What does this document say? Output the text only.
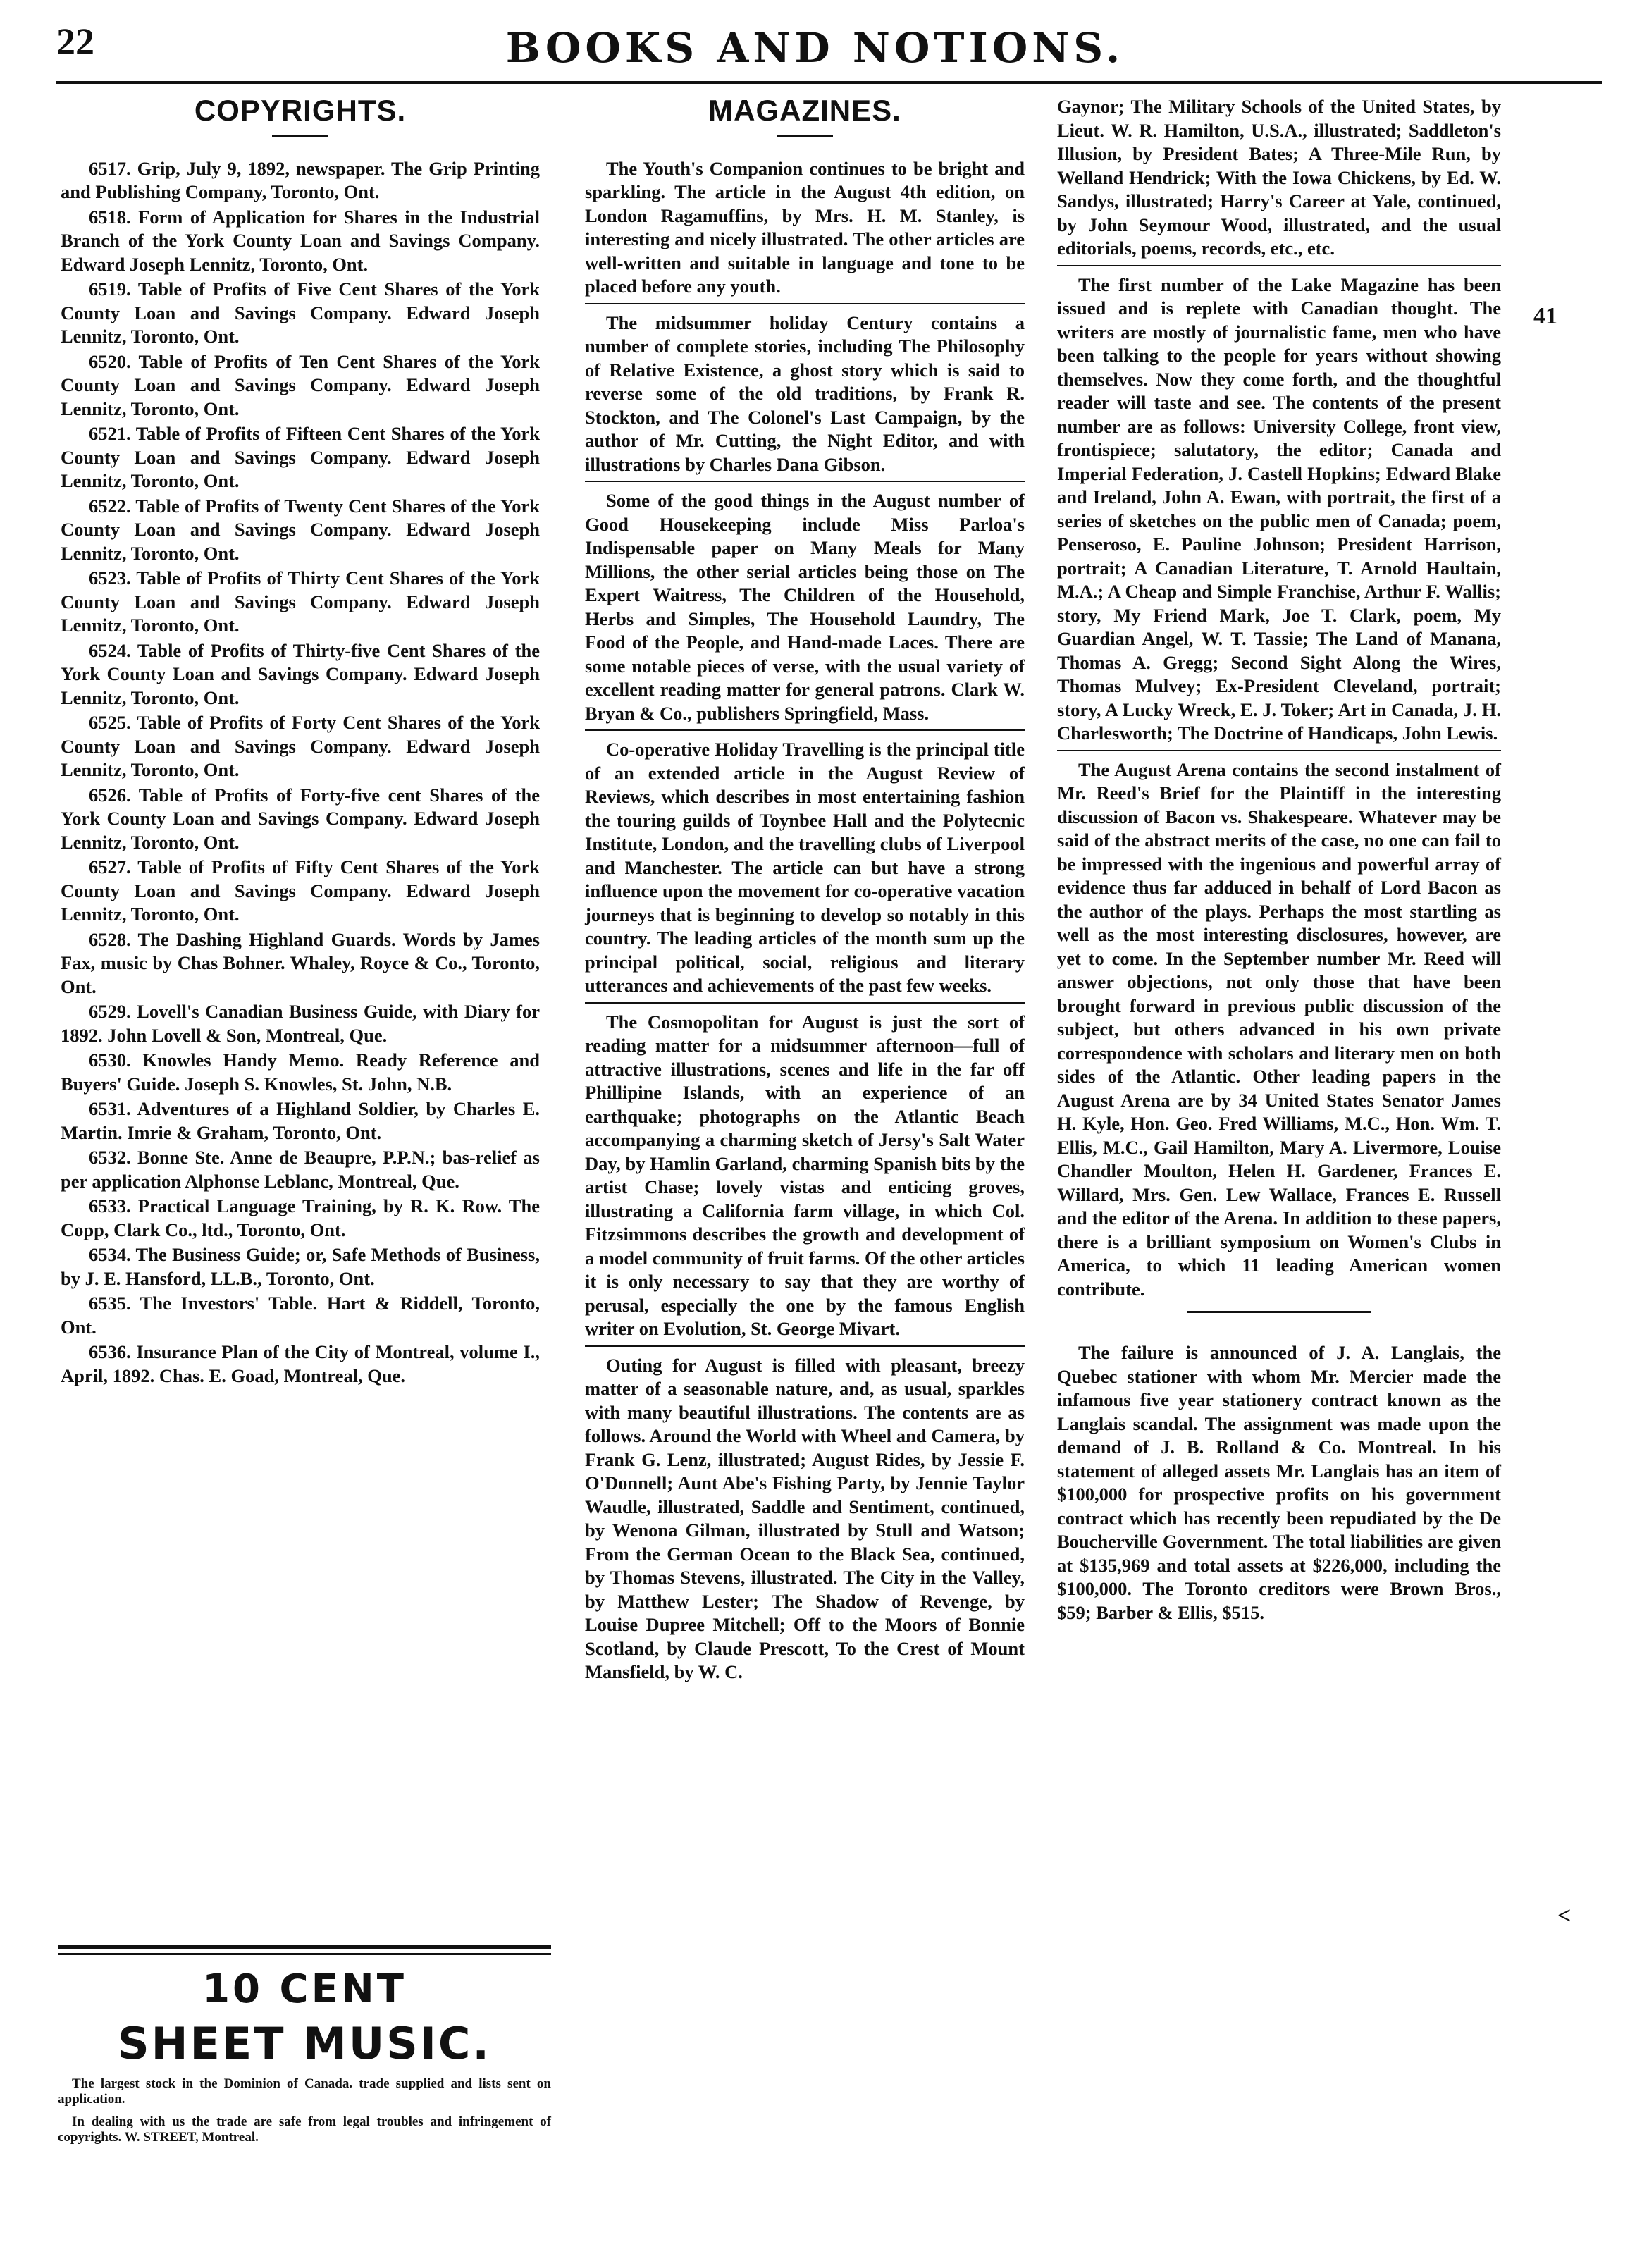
22	BOOKS AND NOTIONS.
COPYRIGHTS.

6517. Grip, July 9, 1892, newspaper. The Grip Printing and Publishing Company, Toronto, Ont.

6518. Form of Application for Shares in the Industrial Branch of the York County Loan and Savings Company. Edward Joseph Lennitz, Toronto, Ont.

6519. Table of Profits of Five Cent Shares of the York County Loan and Savings Company. Edward Joseph Lennitz, Toronto, Ont.

6520. Table of Profits of Ten Cent Shares of the York County Loan and Savings Company. Edward Joseph Lennitz, Toronto, Ont.

6521. Table of Profits of Fifteen Cent Shares of the York County Loan and Savings Company. Edward Joseph Lennitz, Toronto, Ont.

6522. Table of Profits of Twenty Cent Shares of the York County Loan and Savings Company. Edward Joseph Lennitz, Toronto, Ont.

6523. Table of Profits of Thirty Cent Shares of the York County Loan and Savings Company. Edward Joseph Lennitz, Toronto, Ont.

6524. Table of Profits of Thirty-five Cent Shares of the York County Loan and Savings Company. Edward Joseph Lennitz, Toronto, Ont.

6525. Table of Profits of Forty Cent Shares of the York County Loan and Savings Company. Edward Joseph Lennitz, Toronto, Ont.

6526. Table of Profits of Forty-five cent Shares of the York County Loan and Savings Company. Edward Joseph Lennitz, Toronto, Ont.

6527. Table of Profits of Fifty Cent Shares of the York County Loan and Savings Company. Edward Joseph Lennitz, Toronto, Ont.

6528. The Dashing Highland Guards. Words by James Fax, music by Chas Bohner. Whaley, Royce & Co., Toronto, Ont.

6529. Lovell's Canadian Business Guide, with Diary for 1892. John Lovell & Son, Montreal, Que.

6530. Knowles Handy Memo. Ready Reference and Buyers' Guide. Joseph S. Knowles, St. John, N.B.

6531. Adventures of a Highland Soldier, by Charles E. Martin. Imrie & Graham, Toronto, Ont.

6532. Bonne Ste. Anne de Beaupre, P.P.N.; bas-relief as per application Alphonse Leblanc, Montreal, Que.

6533. Practical Language Training, by R. K. Row. The Copp, Clark Co., ltd., Toronto, Ont.

6534. The Business Guide; or, Safe Methods of Business, by J. E. Hansford, LL.B., Toronto, Ont.

6535. The Investors' Table. Hart & Riddell, Toronto, Ont.

6536. Insurance Plan of the City of Montreal, volume I., April, 1892. Chas. E. Goad, Montreal, Que.

10 CENT
SHEET MUSIC.
The largest stock in the Dominion of Canada. trade supplied and lists sent on application.
In dealing with us the trade are safe from legal troubles and infringement of copyrights. W. STREET, Montreal.
MAGAZINES.

The Youth's Companion continues to be bright and sparkling. The article in the August 4th edition, on London Ragamuffins, by Mrs. H. M. Stanley, is interesting and nicely illustrated. The other articles are well-written and suitable in language and tone to be placed before any youth.

The midsummer holiday Century contains a number of complete stories, including The Philosophy of Relative Existence, a ghost story which is said to reverse some of the old traditions, by Frank R. Stockton, and The Colonel's Last Campaign, by the author of Mr. Cutting, the Night Editor, and with illustrations by Charles Dana Gibson.

Some of the good things in the August number of Good Housekeeping include Miss Parloa's Indispensable paper on Many Meals for Many Millions, the other serial articles being those on The Expert Waitress, The Children of the Household, Herbs and Simples, The Household Laundry, The Food of the People, and Hand-made Laces. There are some notable pieces of verse, with the usual variety of excellent reading matter for general patrons. Clark W. Bryan & Co., publishers Springfield, Mass.

Co-operative Holiday Travelling is the principal title of an extended article in the August Review of Reviews, which describes in most entertaining fashion the touring guilds of Toynbee Hall and the Polytecnic Institute, London, and the travelling clubs of Liverpool and Manchester. The article can but have a strong influence upon the movement for co-operative vacation journeys that is beginning to develop so notably in this country. The leading articles of the month sum up the principal political, social, religious and literary utterances and achievements of the past few weeks.

The Cosmopolitan for August is just the sort of reading matter for a midsummer afternoon—full of attractive illustrations, scenes and life in the far off Phillipine Islands, with an experience of an earthquake; photographs on the Atlantic Beach accompanying a charming sketch of Jersy's Salt Water Day, by Hamlin Garland, charming Spanish bits by the artist Chase; lovely vistas and enticing groves, illustrating a California farm village, in which Col. Fitzsimmons describes the growth and development of a model community of fruit farms. Of the other articles it is only necessary to say that they are worthy of perusal, especially the one by the famous English writer on Evolution, St. George Mivart.

Outing for August is filled with pleasant, breezy matter of a seasonable nature, and, as usual, sparkles with many beautiful illustrations. The contents are as follows. Around the World with Wheel and Camera, by Frank G. Lenz, illustrated; August Rides, by Jessie F. O'Donnell; Aunt Abe's Fishing Party, by Jennie Taylor Waudle, illustrated, Saddle and Sentiment, continued, by Wenona Gilman, illustrated by Stull and Watson; From the German Ocean to the Black Sea, continued, by Thomas Stevens, illustrated. The City in the Valley, by Matthew Lester; The Shadow of Revenge, by Louise Dupree Mitchell; Off to the Moors of Bonnie Scotland, by Claude Prescott, To the Crest of Mount Mansfield, by W. C.

Gaynor; The Military Schools of the United States, by Lieut. W. R. Hamilton, U.S.A., illustrated; Saddleton's Illusion, by President Bates; A Three-Mile Run, by Welland Hendrick; With the Iowa Chickens, by Ed. W. Sandys, illustrated; Harry's Career at Yale, continued, by John Seymour Wood, illustrated, and the usual editorials, poems, records, etc., etc.

The first number of the Lake Magazine has been issued and is replete with Canadian thought. The writers are mostly of journalistic fame, men who have been talking to the people for years without showing themselves. Now they come forth, and the thoughtful reader will taste and see. The contents of the present number are as follows: University College, front view, frontispiece; salutatory, the editor; Canada and Imperial Federation, J. Castell Hopkins; Edward Blake and Ireland, John A. Ewan, with portrait, the first of a series of sketches on the public men of Canada; poem, Penseroso, E. Pauline Johnson; President Harrison, portrait; A Canadian Literature, T. Arnold Haultain, M.A.; A Cheap and Simple Franchise, Arthur F. Wallis; story, My Friend Mark, Joe T. Clark, poem, My Guardian Angel, W. T. Tassie; The Land of Manana, Thomas A. Gregg; Second Sight Along the Wires, Thomas Mulvey; Ex-President Cleveland, portrait; story, A Lucky Wreck, E. J. Toker; Art in Canada, J. H. Charlesworth; The Doctrine of Handicaps, John Lewis.

The August Arena contains the second instalment of Mr. Reed's Brief for the Plaintiff in the interesting discussion of Bacon vs. Shakespeare. Whatever may be said of the abstract merits of the case, no one can fail to be impressed with the ingenious and powerful array of evidence thus far adduced in behalf of Lord Bacon as the author of the plays. Perhaps the most startling as well as the most interesting disclosures, however, are yet to come. In the September number Mr. Reed will answer objections, not only those that have been brought forward in previous public discussion of the subject, but others advanced in his own private correspondence with scholars and literary men on both sides of the Atlantic. Other leading papers in the August Arena are by 34 United States Senator James H. Kyle, Hon. Geo. Fred Williams, M.C., Hon. Wm. T. Ellis, M.C., Gail Hamilton, Mary A. Livermore, Louise Chandler Moulton, Helen H. Gardener, Frances E. Willard, Mrs. Gen. Lew Wallace, Frances E. Russell and the editor of the Arena. In addition to these papers, there is a brilliant symposium on Women's Clubs in America, to which 11 leading American women contribute.

The failure is announced of J. A. Langlais, the Quebec stationer with whom Mr. Mercier made the infamous five year stationery contract known as the Langlais scandal. The assignment was made upon the demand of J. B. Rolland & Co. Montreal. In his statement of alleged assets Mr. Langlais has an item of $100,000 for prospective profits on his government contract which has recently been repudiated by the De Boucherville Government. The total liabilities are given at $135,969 and total assets at $226,000, including the $100,000. The Toronto creditors were Brown Bros., $59; Barber & Ellis, $515.

41
<
